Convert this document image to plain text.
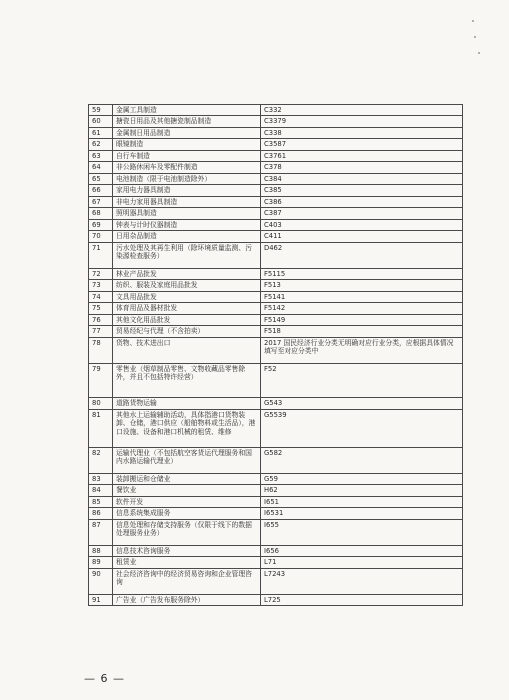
59	金属工具制造	C332
60	搪瓷日用品及其他搪瓷制品制造	C3379
61	金属制日用品制造	C338
62	眼镜制造	C3587
63	自行车制造	C3761
64	非公路休闲车及零配件制造	C378
65	电池制造（限于电池制造除外）	C384
66	家用电力器具制造	C385
67	非电力家用器具制造	C386
68	照明器具制造	C387
69	钟表与计时仪器制造	C403
70	日用杂品制造	C411
71	污水处理及其再生利用（除环境质量监测、污染源检查服务）	D462
72	林业产品批发	F5115
73	纺织、服装及家庭用品批发	F513
74	文具用品批发	F5141
75	体育用品及器材批发	F5142
76	其他文化用品批发	F5149
77	贸易经纪与代理（不含拍卖）	F518
78	货物、技术进出口	2017 国民经济行业分类无明确对应行业分类，应根据具体情况填写至对应分类中
79	零售业（烟草制品零售、文物收藏品零售除外，并且不包括特许经营）	F52
80	道路货物运输	G543
81	其他水上运输辅助活动，具体指港口货物装卸、仓储，港口供应（船舶物料或生活品），港口设施、设备和港口机械的租赁、维修	G5539
82	运输代理业（不包括航空客货运代理服务和国内水路运输代理业）	G582
83	装卸搬运和仓储业	G59
84	餐饮业	H62
85	软件开发	I651
86	信息系统集成服务	I6531
87	信息处理和存储支持服务（仅限于线下的数据处理服务业务）	I655
88	信息技术咨询服务	I656
89	租赁业	L71
90	社会经济咨询中的经济贸易咨询和企业管理咨询	L7243
91	广告业（广告发布服务除外）	L725
— 6 —
